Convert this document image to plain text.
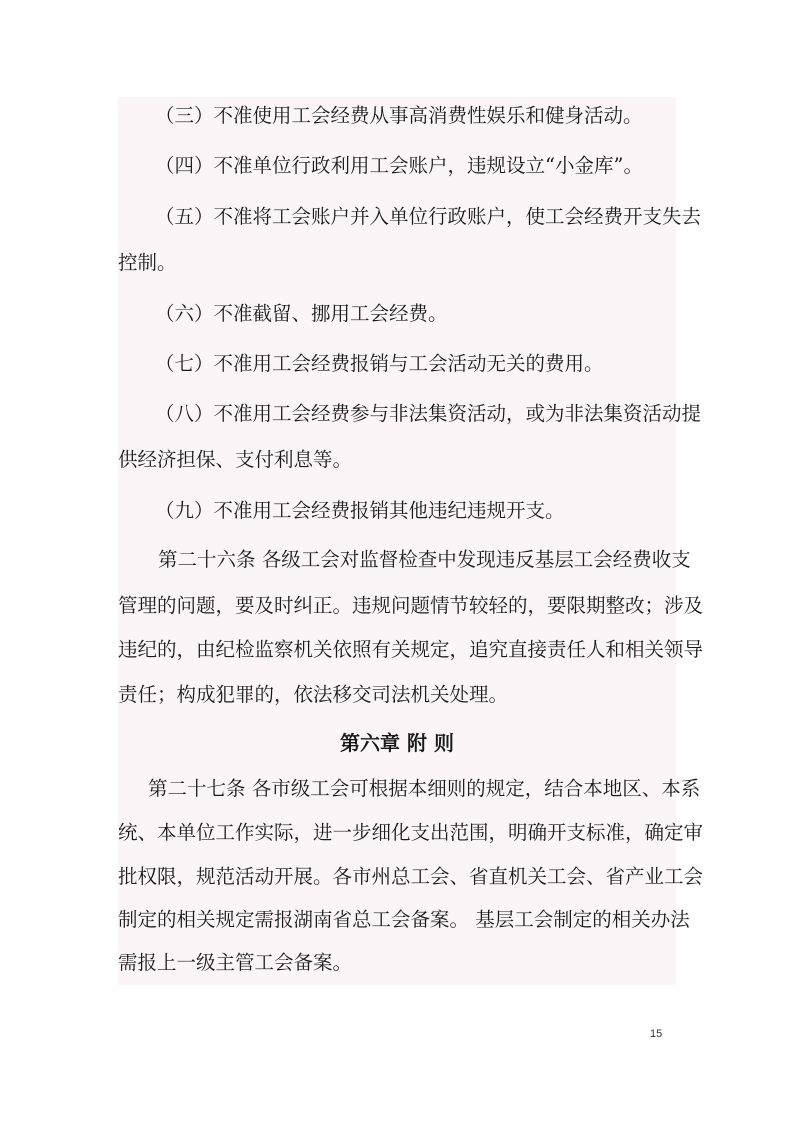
（三）不准使用工会经费从事高消费性娱乐和健身活动。
（四）不准单位行政利用工会账户，违规设立“小金库”。
（五）不准将工会账户并入单位行政账户，使工会经费开支失去
控制。
（六）不准截留、挪用工会经费。
（七）不准用工会经费报销与工会活动无关的费用。
（八）不准用工会经费参与非法集资活动，或为非法集资活动提
供经济担保、支付利息等。
（九）不准用工会经费报销其他违纪违规开支。
第二十六条 各级工会对监督检查中发现违反基层工会经费收支
管理的问题，要及时纠正。违规问题情节较轻的，要限期整改；涉及
违纪的，由纪检监察机关依照有关规定，追究直接责任人和相关领导
责任；构成犯罪的，依法移交司法机关处理。
第六章 附 则
第二十七条 各市级工会可根据本细则的规定，结合本地区、本系
统、本单位工作实际，进一步细化支出范围，明确开支标准，确定审
批权限，规范活动开展。各市州总工会、省直机关工会、省产业工会
制定的相关规定需报湖南省总工会备案。 基层工会制定的相关办法
需报上一级主管工会备案。
15
